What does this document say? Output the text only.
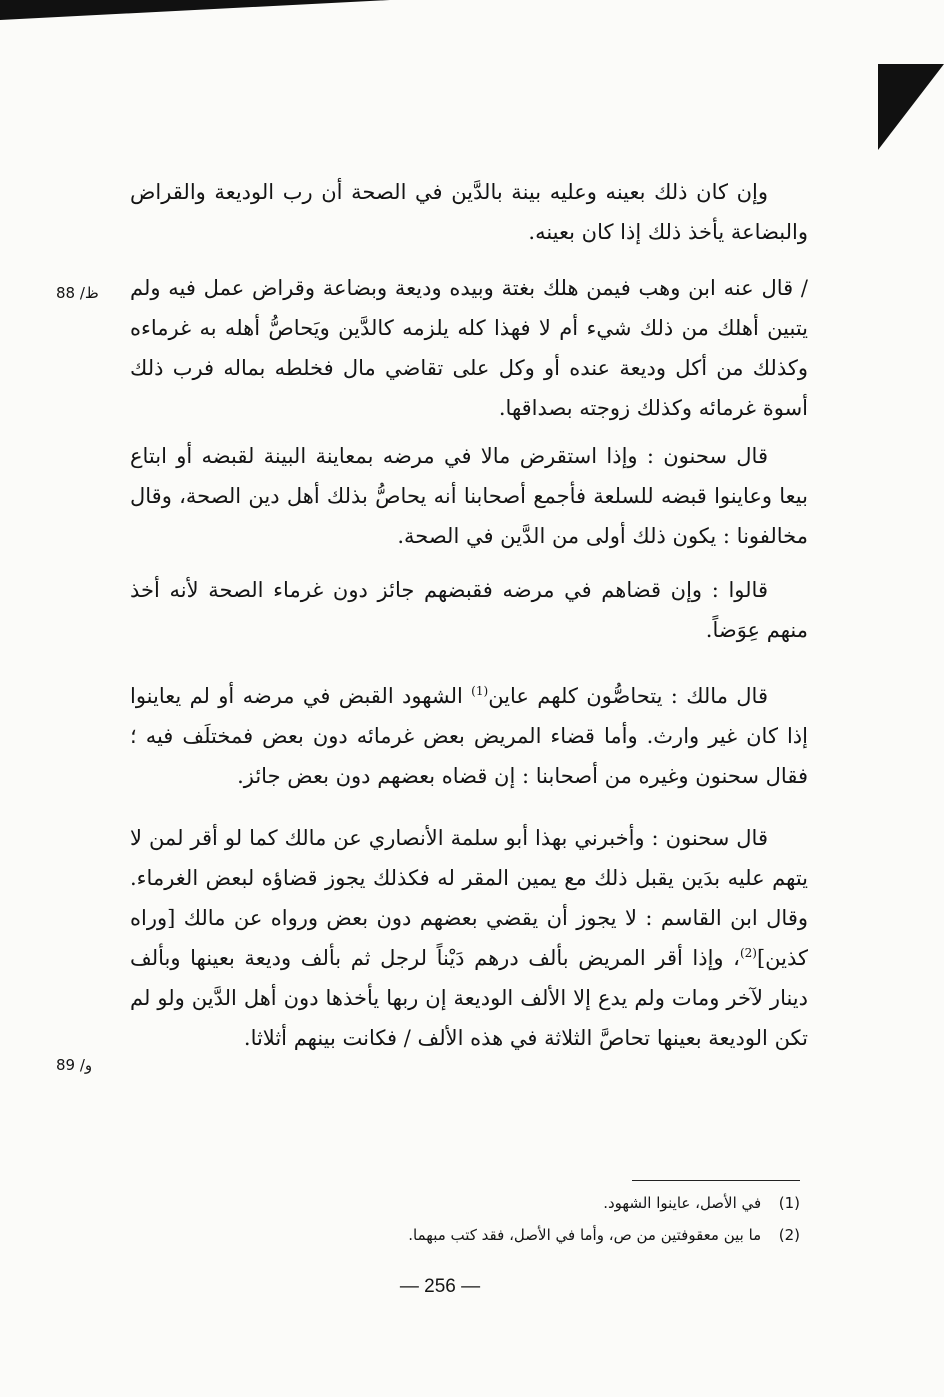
وإن كان ذلك بعينه وعليه بينة بالدَّين في الصحة أن رب الوديعة والقراض والبضاعة يأخذ ذلك إذا كان بعينه.

/ قال عنه ابن وهب فيمن هلك بغتة وبيده وديعة وبضاعة وقراض عمل فيه ولم يتبين أهلك من ذلك شيء أم لا فهذا كله يلزمه كالدَّين ويَحاصُّ أهله به غرماءه وكذلك من أكل وديعة عنده أو وكل على تقاضي مال فخلطه بماله فرب ذلك أسوة غرمائه وكذلك زوجته بصداقها.

قال سحنون : وإذا استقرض مالا في مرضه بمعاينة البينة لقبضه أو ابتاع بيعا وعاينوا قبضه للسلعة فأجمع أصحابنا أنه يحاصُّ بذلك أهل دين الصحة، وقال مخالفونا : يكون ذلك أولى من الدَّين في الصحة.

قالوا : وإن قضاهم في مرضه فقبضهم جائز دون غرماء الصحة لأنه أخذ منهم عِوَضاً.

قال مالك : يتحاصُّون كلهم عاين$^{(1)}$ الشهود القبض في مرضه أو لم يعاينوا إذا كان غير وارث. وأما قضاء المريض بعض غرمائه دون بعض فمختلَف فيه ؛ فقال سحنون وغيره من أصحابنا : إن قضاه بعضهم دون بعض جائز.

قال سحنون : وأخبرني بهذا أبو سلمة الأنصاري عن مالك كما لو أقر لمن لا يتهم عليه بدَين يقبل ذلك مع يمين المقر له فكذلك يجوز قضاؤه لبعض الغرماء. وقال ابن القاسم : لا يجوز أن يقضي بعضهم دون بعض ورواه عن مالك [وراه كذين]$^{(2)}$، وإذا أقر المريض بألف درهم دَيْناً لرجل ثم بألف وديعة بعينها وبألف دينار لآخر ومات ولم يدع إلا الألف الوديعة إن ربها يأخذها دون أهل الدَّين ولو لم تكن الوديعة بعينها تحاصَّ الثلاثة في هذه الألف / فكانت بينهم أثلاثا.

88 /ظ
89 /و
(1) في الأصل، عاينوا الشهود.
(2) ما بين معقوفتين من ص، وأما في الأصل، فقد كتب مبهما.
— 256 —
